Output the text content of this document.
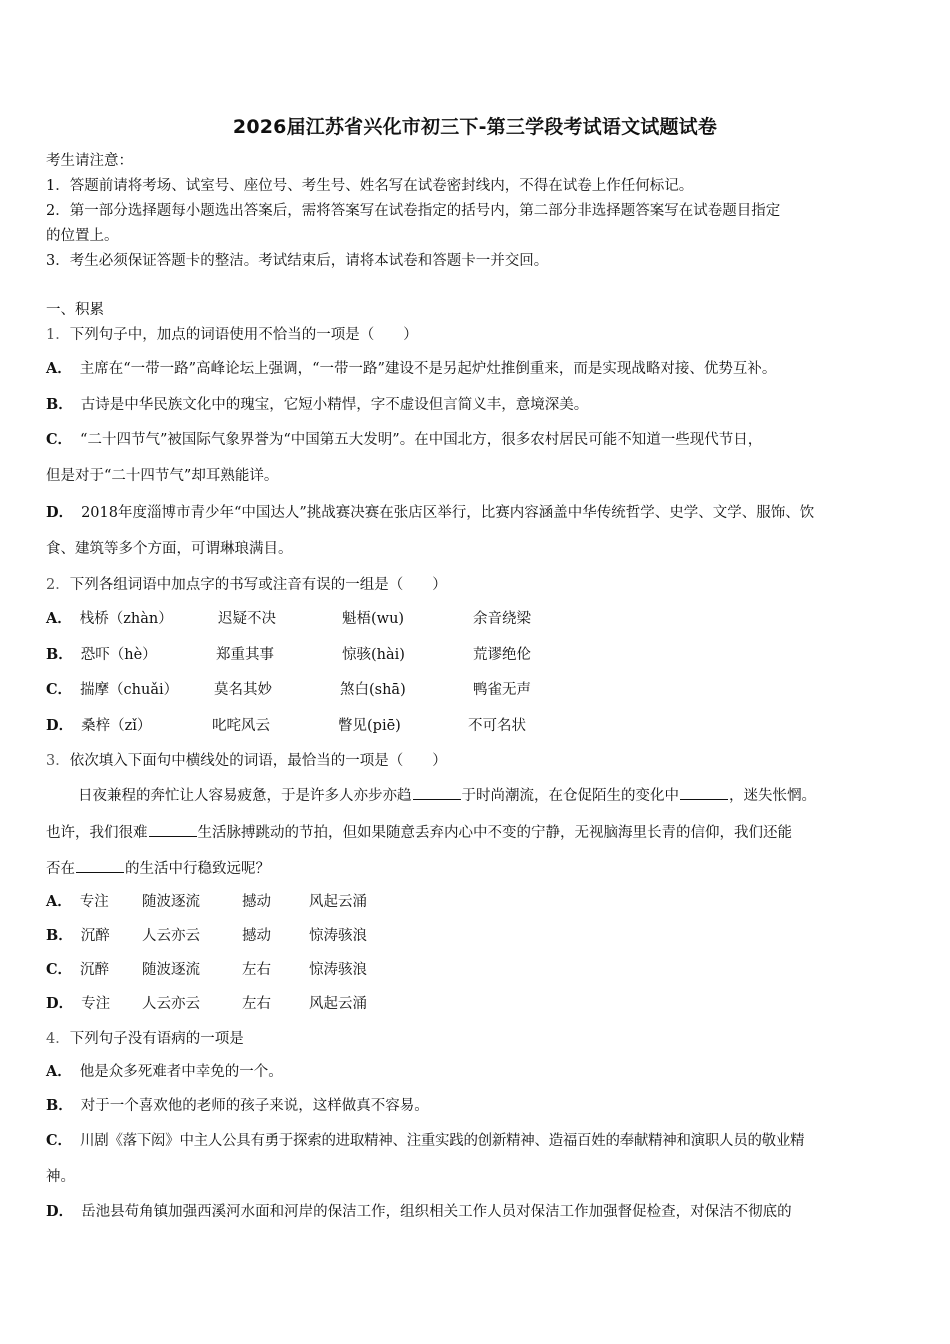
2026届江苏省兴化市初三下-第三学段考试语文试题试卷
考生请注意：
1．答题前请将考场、试室号、座位号、考生号、姓名写在试卷密封线内，不得在试卷上作任何标记。
2．第一部分选择题每小题选出答案后，需将答案写在试卷指定的括号内，第二部分非选择题答案写在试卷题目指定
的位置上。
3．考生必须保证答题卡的整洁。考试结束后，请将本试卷和答题卡一并交回。
一、积累
1．下列句子中，加点的词语使用不恰当的一项是（　　）
A． 主席在“一带一路”高峰论坛上强调，“一带一路”建设不是另起炉灶推倒重来，而是实现战略对接、优势互补。
B． 古诗是中华民族文化中的瑰宝，它短小精悍，字不虚设但言简义丰，意境深美。
C． “二十四节气”被国际气象界誉为“中国第五大发明”。在中国北方，很多农村居民可能不知道一些现代节日，
但是对于“二十四节气”却耳熟能详。
D． 2018年度淄博市青少年“中国达人”挑战赛决赛在张店区举行，比赛内容涵盖中华传统哲学、史学、文学、服饰、饮
食、建筑等多个方面，可谓琳琅满目。
2．下列各组词语中加点字的书写或注音有误的一组是（　　）
A． 栈桥（zhàn）	迟疑不决	魁梧(wu)	余音绕梁
B． 恐吓（hè）	郑重其事	惊骇(hài)	荒谬绝伦
C． 揣摩（chuǎi） 莫名其妙	煞白(shā)	鸭雀无声
D． 桑梓（zǐ）	叱咤风云	瞥见(piē)	不可名状
3．依次填入下面句中横线处的词语，最恰当的一项是（　　）
日夜兼程的奔忙让人容易疲惫，于是许多人亦步亦趋	于时尚潮流，在仓促陌生的变化中	，迷失怅惘。
也许，我们很难	生活脉搏跳动的节拍，但如果随意丢弃内心中不变的宁静，无视脑海里长青的信仰，我们还能
否在	的生活中行稳致远呢？
A． 专注 随波逐流	撼动	风起云涌
B． 沉醉 人云亦云	撼动	惊涛骇浪
C． 沉醉 随波逐流	左右	惊涛骇浪
D． 专注 人云亦云	左右	风起云涌
4．下列句子没有语病的一项是
A． 他是众多死难者中幸免的一个。
B． 对于一个喜欢他的老师的孩子来说，这样做真不容易。
C． 川剧《落下闳》中主人公具有勇于探索的进取精神、注重实践的创新精神、造福百姓的奉献精神和演职人员的敬业精
神。
D． 岳池县苟角镇加强西溪河水面和河岸的保洁工作，组织相关工作人员对保洁工作加强督促检查，对保洁不彻底的
